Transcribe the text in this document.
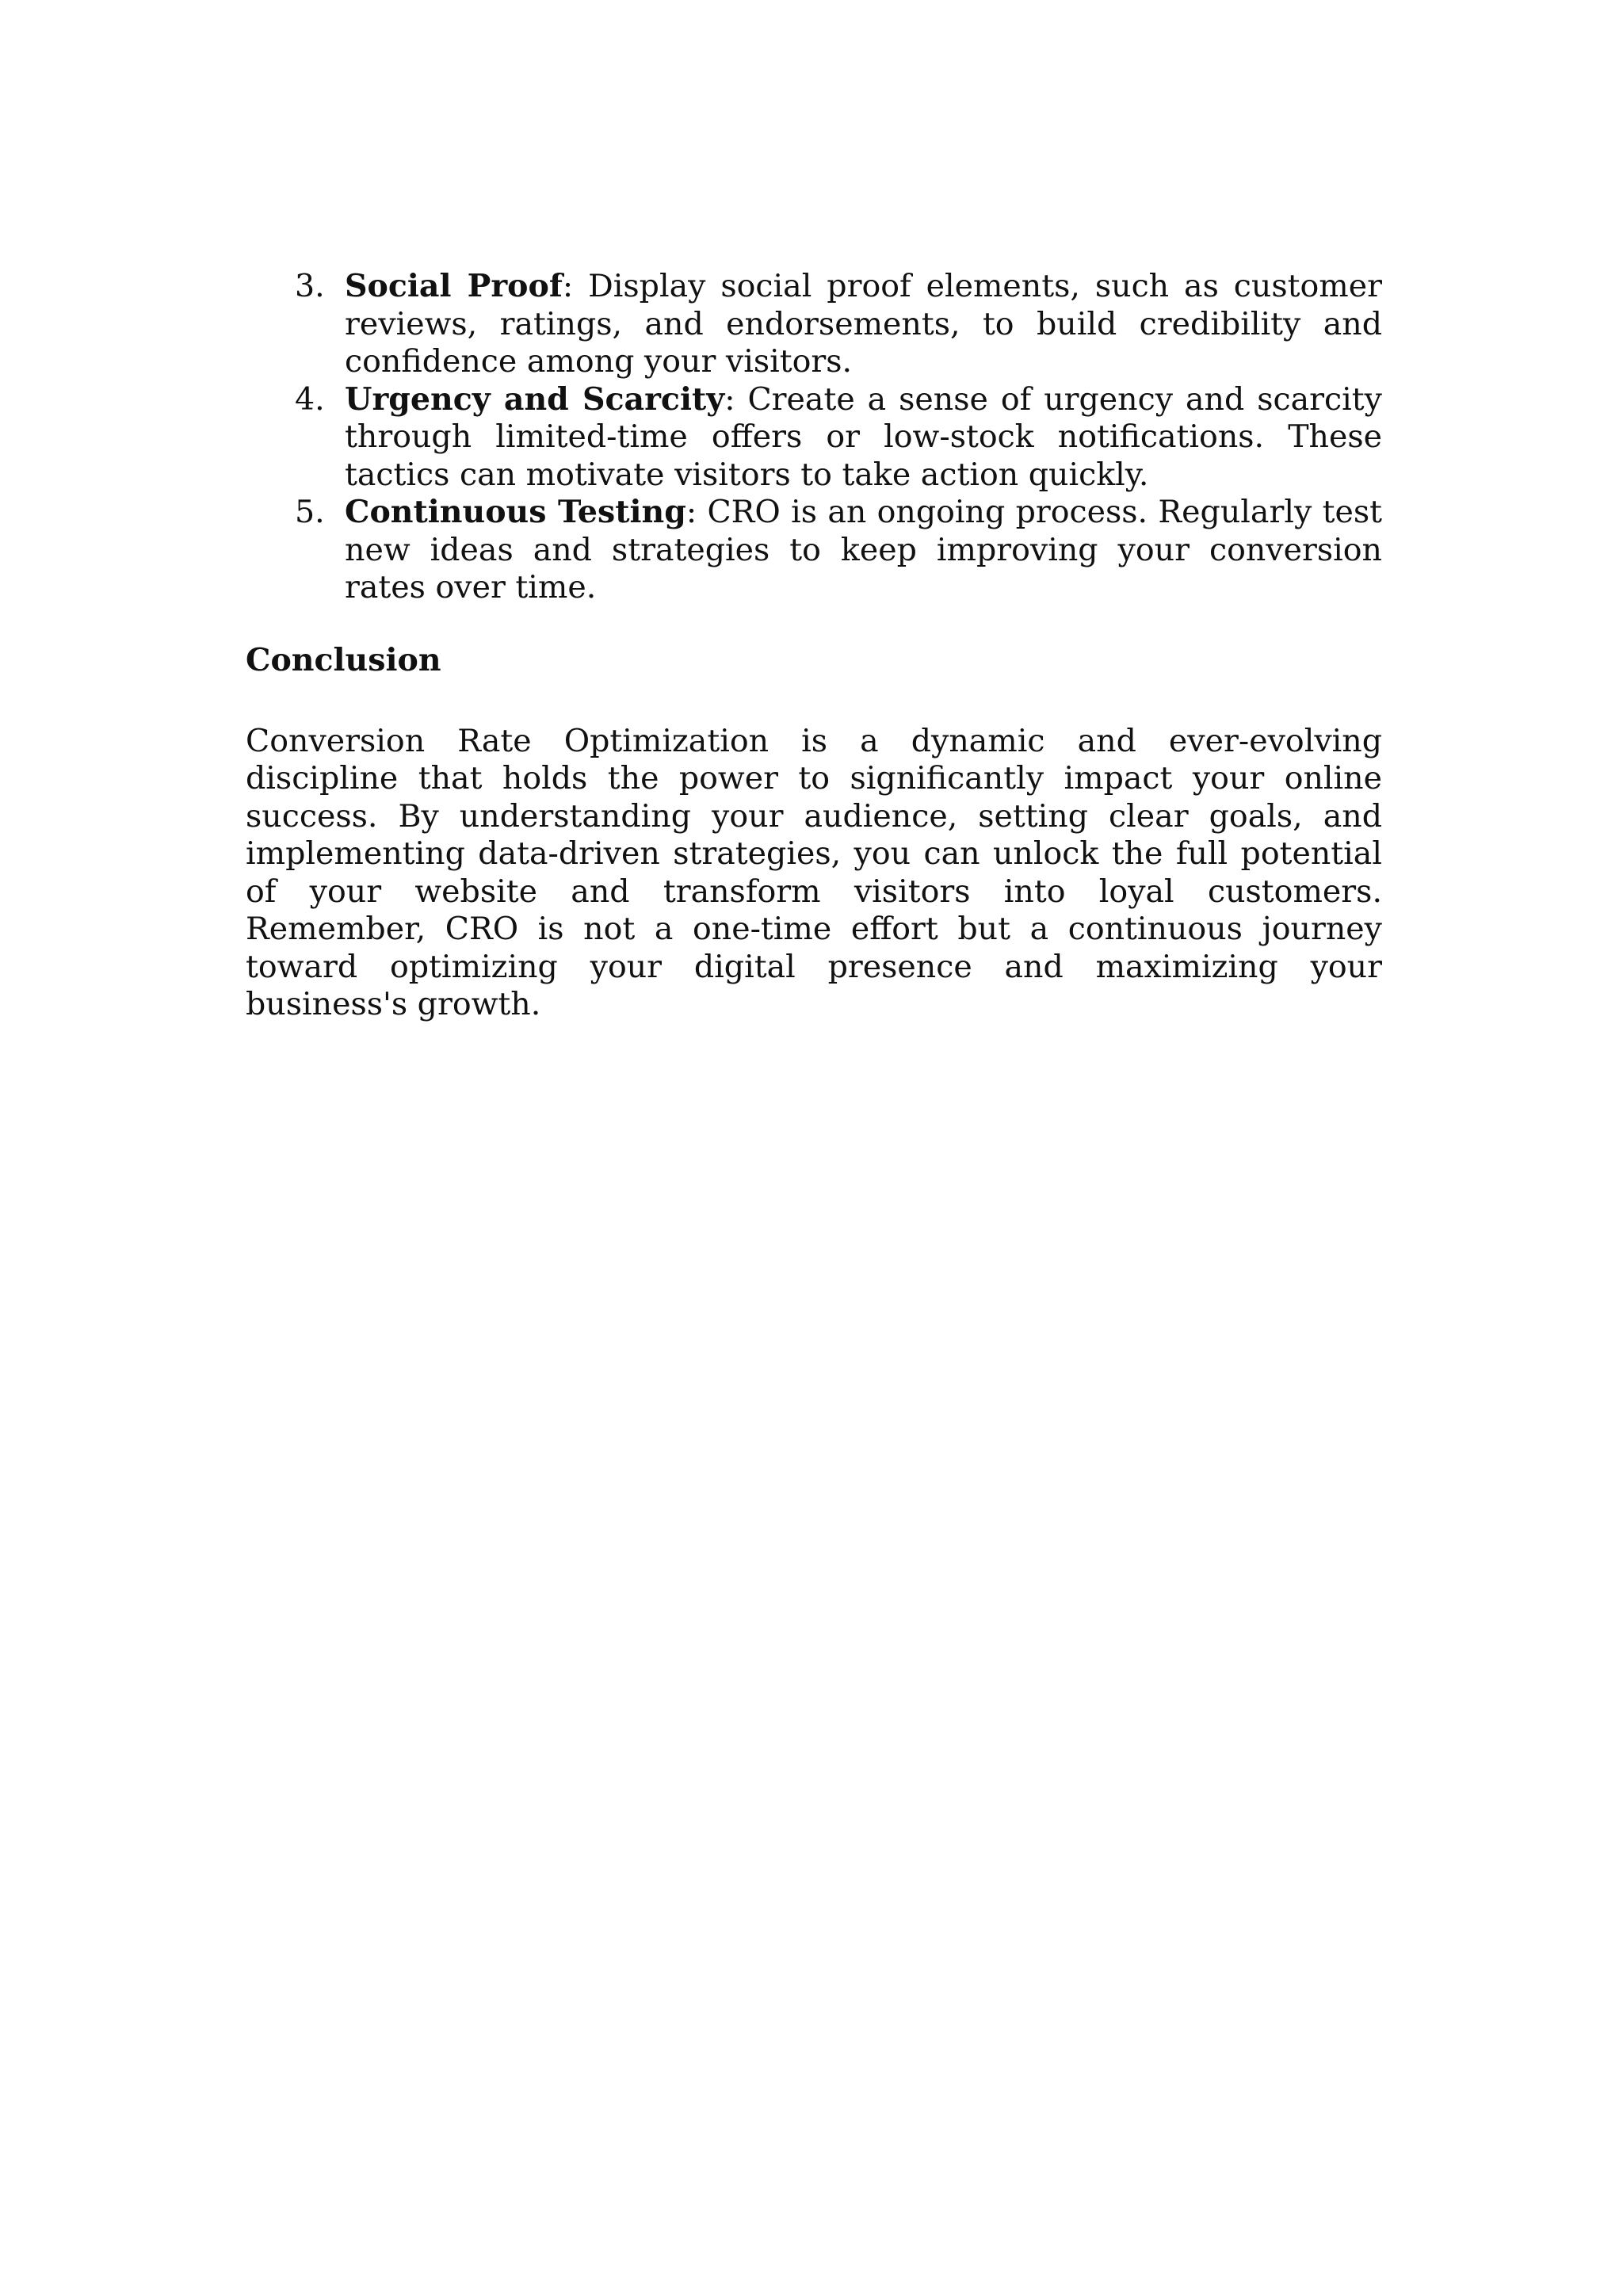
3. Social Proof: Display social proof elements, such as customer reviews, ratings, and endorsements, to build credibility and confidence among your visitors.
4. Urgency and Scarcity: Create a sense of urgency and scarcity through limited-time offers or low-stock notifications. These tactics can motivate visitors to take action quickly.
5. Continuous Testing: CRO is an ongoing process. Regularly test new ideas and strategies to keep improving your conversion rates over time.
Conclusion

Conversion Rate Optimization is a dynamic and ever-evolving discipline that holds the power to significantly impact your online success. By understanding your audience, setting clear goals, and implementing data-driven strategies, you can unlock the full potential of your website and transform visitors into loyal customers. Remember, CRO is not a one-time effort but a continuous journey toward optimizing your digital presence and maximizing your business's growth.
